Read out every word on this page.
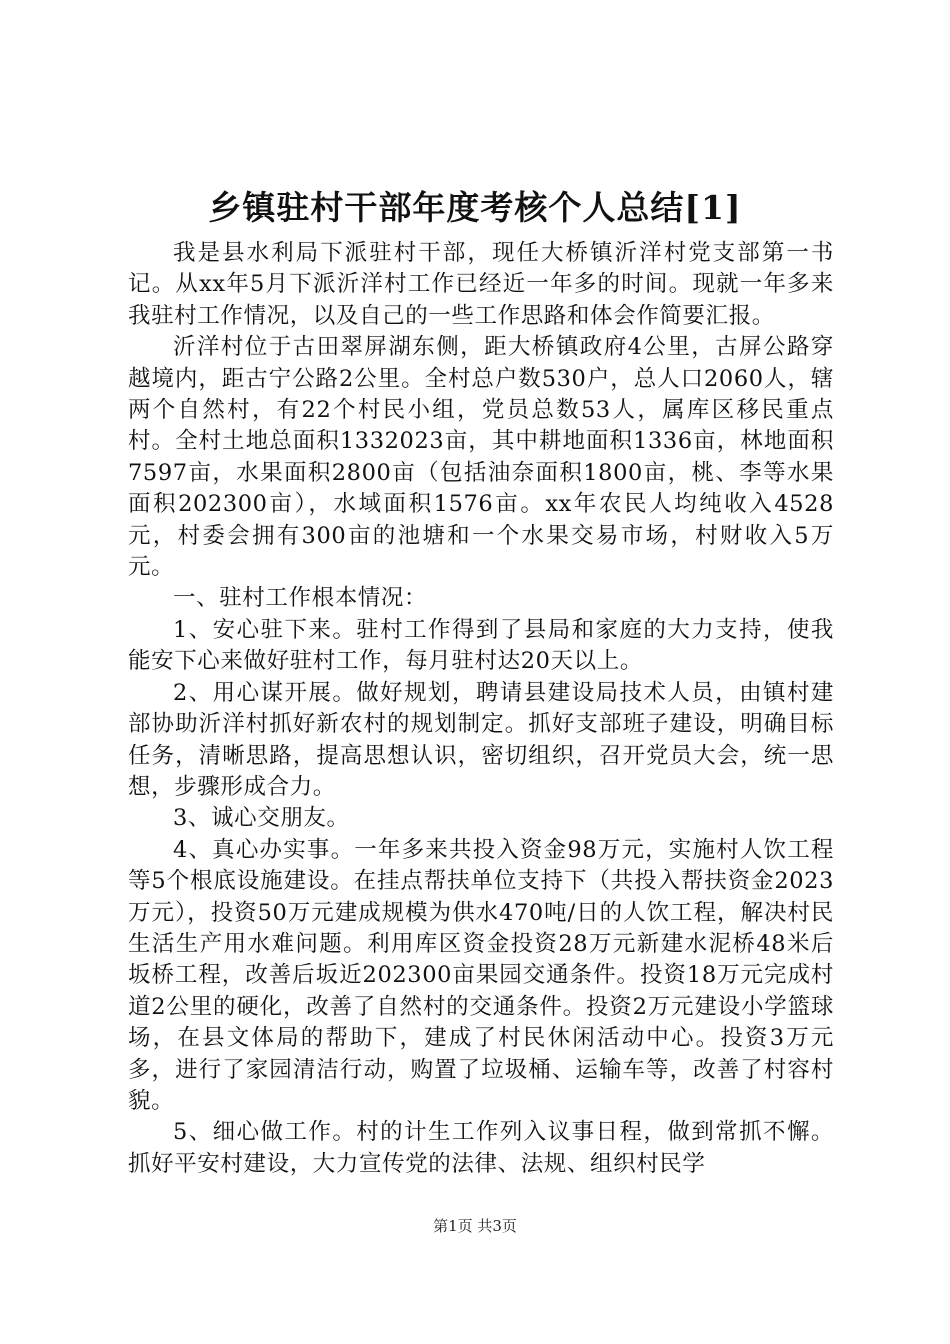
乡镇驻村干部年度考核个人总结[1]

我是县水利局下派驻村干部，现任大桥镇沂洋村党支部第一书记。从xx年5月下派沂洋村工作已经近一年多的时间。现就一年多来我驻村工作情况，以及自己的一些工作思路和体会作简要汇报。

沂洋村位于古田翠屏湖东侧，距大桥镇政府4公里，古屏公路穿越境内，距古宁公路2公里。全村总户数530户，总人口2060人，辖两个自然村，有22个村民小组，党员总数53人，属库区移民重点村。全村土地总面积1332023亩，其中耕地面积1336亩，林地面积7597亩，水果面积2800亩（包括油奈面积1800亩，桃、李等水果面积202300亩），水域面积1576亩。xx年农民人均纯收入4528元，村委会拥有300亩的池塘和一个水果交易市场，村财收入5万元。

一、驻村工作根本情况：

1、安心驻下来。驻村工作得到了县局和家庭的大力支持，使我能安下心来做好驻村工作，每月驻村达20天以上。

2、用心谋开展。做好规划，聘请县建设局技术人员，由镇村建部协助沂洋村抓好新农村的规划制定。抓好支部班子建设，明确目标任务，清晰思路，提高思想认识，密切组织，召开党员大会，统一思想，步骤形成合力。

3、诚心交朋友。

4、真心办实事。一年多来共投入资金98万元，实施村人饮工程等5个根底设施建设。在挂点帮扶单位支持下（共投入帮扶资金2023万元），投资50万元建成规模为供水470吨/日的人饮工程，解决村民生活生产用水难问题。利用库区资金投资28万元新建水泥桥48米后坂桥工程，改善后坂近202300亩果园交通条件。投资18万元完成村道2公里的硬化，改善了自然村的交通条件。投资2万元建设小学篮球场，在县文体局的帮助下，建成了村民休闲活动中心。投资3万元多，进行了家园清洁行动，购置了垃圾桶、运输车等，改善了村容村貌。

5、细心做工作。村的计生工作列入议事日程，做到常抓不懈。抓好平安村建设，大力宣传党的法律、法规、组织村民学

第1页 共3页
